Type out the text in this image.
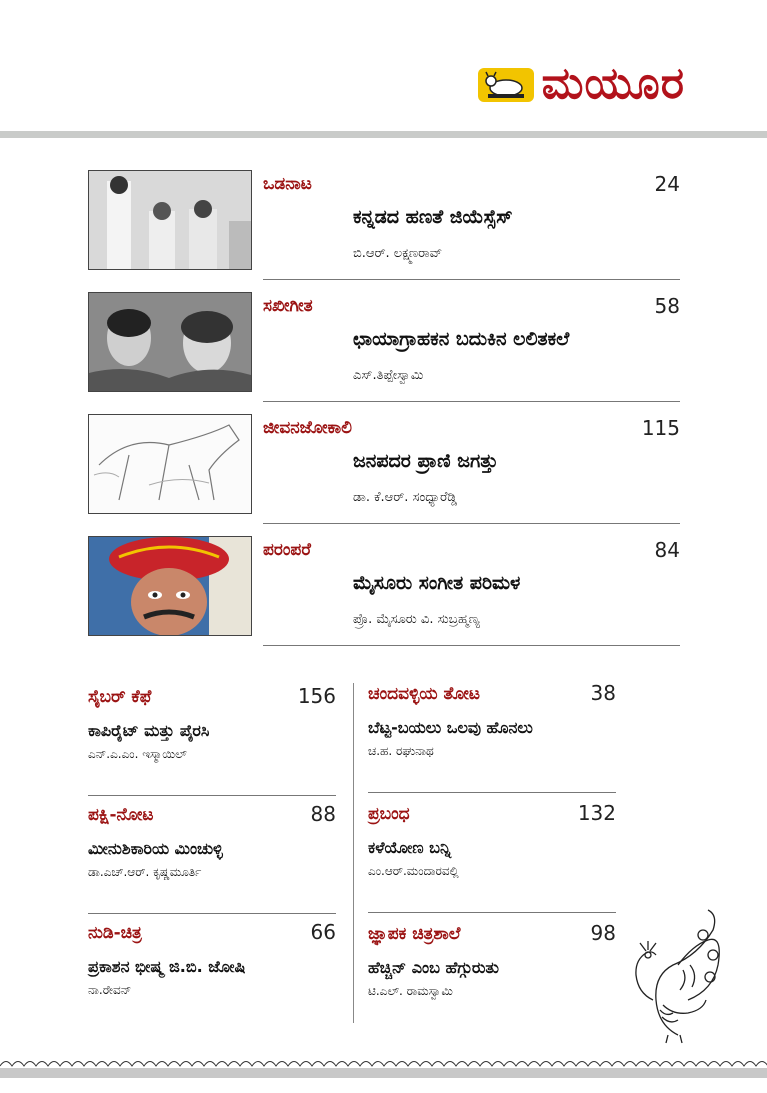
ಮಯೂರ
ಒಡನಾಟ	24
ಕನ್ನಡದ ಹಣತೆ ಜಿಯೆಸ್ಸೆಸ್
ಬಿ.ಆರ್. ಲಕ್ಷ್ಮಣರಾವ್
ಸಖೀಗೀತ	58
ಛಾಯಾಗ್ರಾಹಕನ ಬದುಕಿನ ಲಲಿತಕಲೆ
ಎಸ್.ತಿಪ್ಪೇಸ್ವಾಮಿ
ಜೀವನಜೋಕಾಲಿ	115
ಜನಪದರ ಪ್ರಾಣಿ ಜಗತ್ತು
ಡಾ. ಕೆ.ಆರ್. ಸಂಧ್ಯಾರೆಡ್ಡಿ
ಪರಂಪರೆ	84
ಮೈಸೂರು ಸಂಗೀತ ಪರಿಮಳ
ಪ್ರೊ. ಮೈಸೂರು ವಿ. ಸುಬ್ರಹ್ಮಣ್ಯ
ಸೈಬರ್ ಕೆಫೆ	156
ಕಾಪಿರೈಟ್ ಮತ್ತು ಪೈರಸಿ
ಎನ್.ಎ.ಎಂ. ಇಸ್ಮಾಯಿಲ್
ಪಕ್ಷಿ-ನೋಟ	88
ಮೀನುಶಿಕಾರಿಯ ಮಿಂಚುಳ್ಳಿ
ಡಾ.ಎಚ್.ಆರ್. ಕೃಷ್ಣಮೂರ್ತಿ
ನುಡಿ-ಚಿತ್ರ	66
ಪ್ರಕಾಶನ ಭೀಷ್ಮ ಜಿ.ಬಿ. ಜೋಷಿ
ನಾ.ರೇವನ್
ಚಂದವಳ್ಳಿಯ ತೋಟ	38
ಬೆಟ್ಟ-ಬಯಲು ಒಲವು ಹೊನಲು
ಚ.ಹ. ರಘುನಾಥ
ಪ್ರಬಂಧ	132
ಕಳೆಯೋಣ ಬನ್ನಿ
ಎಂ.ಆರ್.ಮಂದಾರವಲ್ಲಿ
ಜ್ಞಾಪಕ ಚಿತ್ರಶಾಲೆ	98
ಹೆಚ್ಚಿನ್ ಎಂಬ ಹೆಗ್ಗುರುತು
ಟಿ.ಎಲ್. ರಾಮಸ್ವಾಮಿ
